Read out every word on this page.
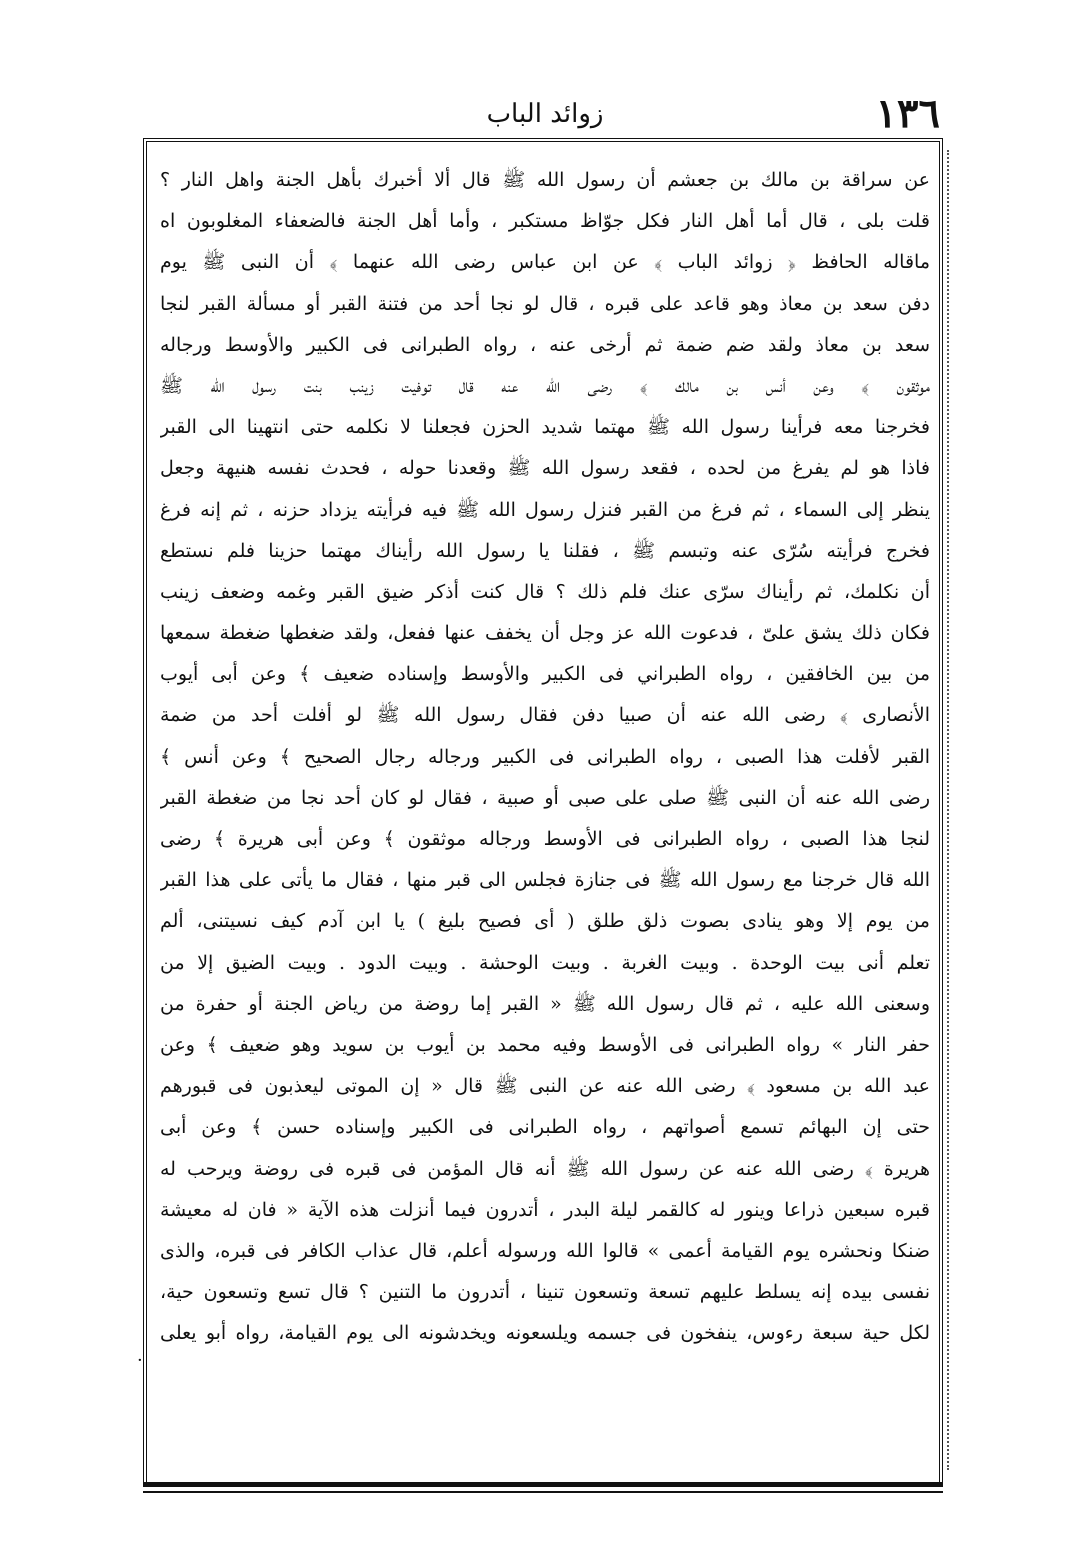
١٣٦
زوائد الباب
·
عن سراقة بن مالك بن جعشم أن رسول الله ﷺ قال ألا أخبرك بأهل الجنة واهل النار ؟
قلت بلى ، قال أما أهل النار فكل جوّاظ مستكبر ، وأما أهل الجنة فالضعفاء المغلوبون اه
ماقاله الحافظ ﴿ زوائد الباب ﴾ عن ابن عباس رضى الله عنهما ﴾ أن النبى ﷺ يوم
دفن سعد بن معاذ وهو قاعد على قبره ، قال لو نجا أحد من فتنة القبر أو مسألة القبر لنجا
سعد بن معاذ ولقد ضم ضمة ثم أرخى عنه ، رواه الطبرانى فى الكبير والأوسط ورجاله
موثقون ﴾ وعن أنس بن مالك ﴾ رضى الله عنه قال توفيت زينب بنت رسول الله ﷺ
فخرجنا معه فرأينا رسول الله ﷺ مهتما شديد الحزن فجعلنا لا نكلمه حتى انتهينا الى القبر
فاذا هو لم يفرغ من لحده ، فقعد رسول الله ﷺ وقعدنا حوله ، فحدث نفسه هنيهة وجعل
ينظر إلى السماء ، ثم فرغ من القبر فنزل رسول الله ﷺ فيه فرأيته يزداد حزنه ، ثم إنه فرغ
فخرج فرأيته سُرّى عنه وتبسم ﷺ ، فقلنا يا رسول الله رأيناك مهتما حزينا فلم نستطع
أن نكلمك، ثم رأيناك سرّى عنك فلم ذلك ؟ قال كنت أذكر ضيق القبر وغمه وضعف زينب
فكان ذلك يشق علىّ ، فدعوت الله عز وجل أن يخفف عنها ففعل، ولقد ضغطها ضغطة سمعها
من بين الخافقين ، رواه الطبراني فى الكبير والأوسط وإسناده ضعيف ﴾ وعن أبى أيوب
الأنصارى ﴾ رضى الله عنه أن صبيا دفن فقال رسول الله ﷺ لو أفلت أحد من ضمة
القبر لأفلت هذا الصبى ، رواه الطبرانى فى الكبير ورجاله رجال الصحيح ﴾ وعن أنس ﴾
رضى الله عنه أن النبى ﷺ صلى على صبى أو صبية ، فقال لو كان أحد نجا من ضغطة القبر
لنجا هذا الصبى ، رواه الطبرانى فى الأوسط ورجاله موثقون ﴾ وعن أبى هريرة ﴾ رضى
الله قال خرجنا مع رسول الله ﷺ فى جنازة فجلس الى قبر منها ، فقال ما يأتى على هذا القبر
من يوم إلا وهو ينادى بصوت ذلق طلق ( أى فصيح بليغ ) يا ابن آدم كيف نسيتنى، ألم
تعلم أنى بيت الوحدة . وبيت الغربة . وبيت الوحشة . وبيت الدود . وبيت الضيق إلا من
وسعنى الله عليه ، ثم قال رسول الله ﷺ « القبر إما روضة من رياض الجنة أو حفرة من
حفر النار » رواه الطبرانى فى الأوسط وفيه محمد بن أيوب بن سويد وهو ضعيف ﴾ وعن
عبد الله بن مسعود ﴾ رضى الله عنه عن النبى ﷺ قال « إن الموتى ليعذبون فى قبورهم
حتى إن البهائم تسمع أصواتهم ، رواه الطبرانى فى الكبير وإسناده حسن ﴾ وعن أبى
هريرة ﴾ رضى الله عنه عن رسول الله ﷺ أنه قال المؤمن فى قبره فى روضة ويرحب له
قبره سبعين ذراعا وينور له كالقمر ليلة البدر ، أتدرون فيما أنزلت هذه الآية « فان له معيشة
ضنكا ونحشره يوم القيامة أعمى » قالوا الله ورسوله أعلم، قال عذاب الكافر فى قبره، والذى
نفسى بيده إنه يسلط عليهم تسعة وتسعون تنينا ، أتدرون ما التنين ؟ قال تسع وتسعون حية،
لكل حية سبعة رءوس، ينفخون فى جسمه ويلسعونه ويخدشونه الى يوم القيامة، رواه أبو يعلى
